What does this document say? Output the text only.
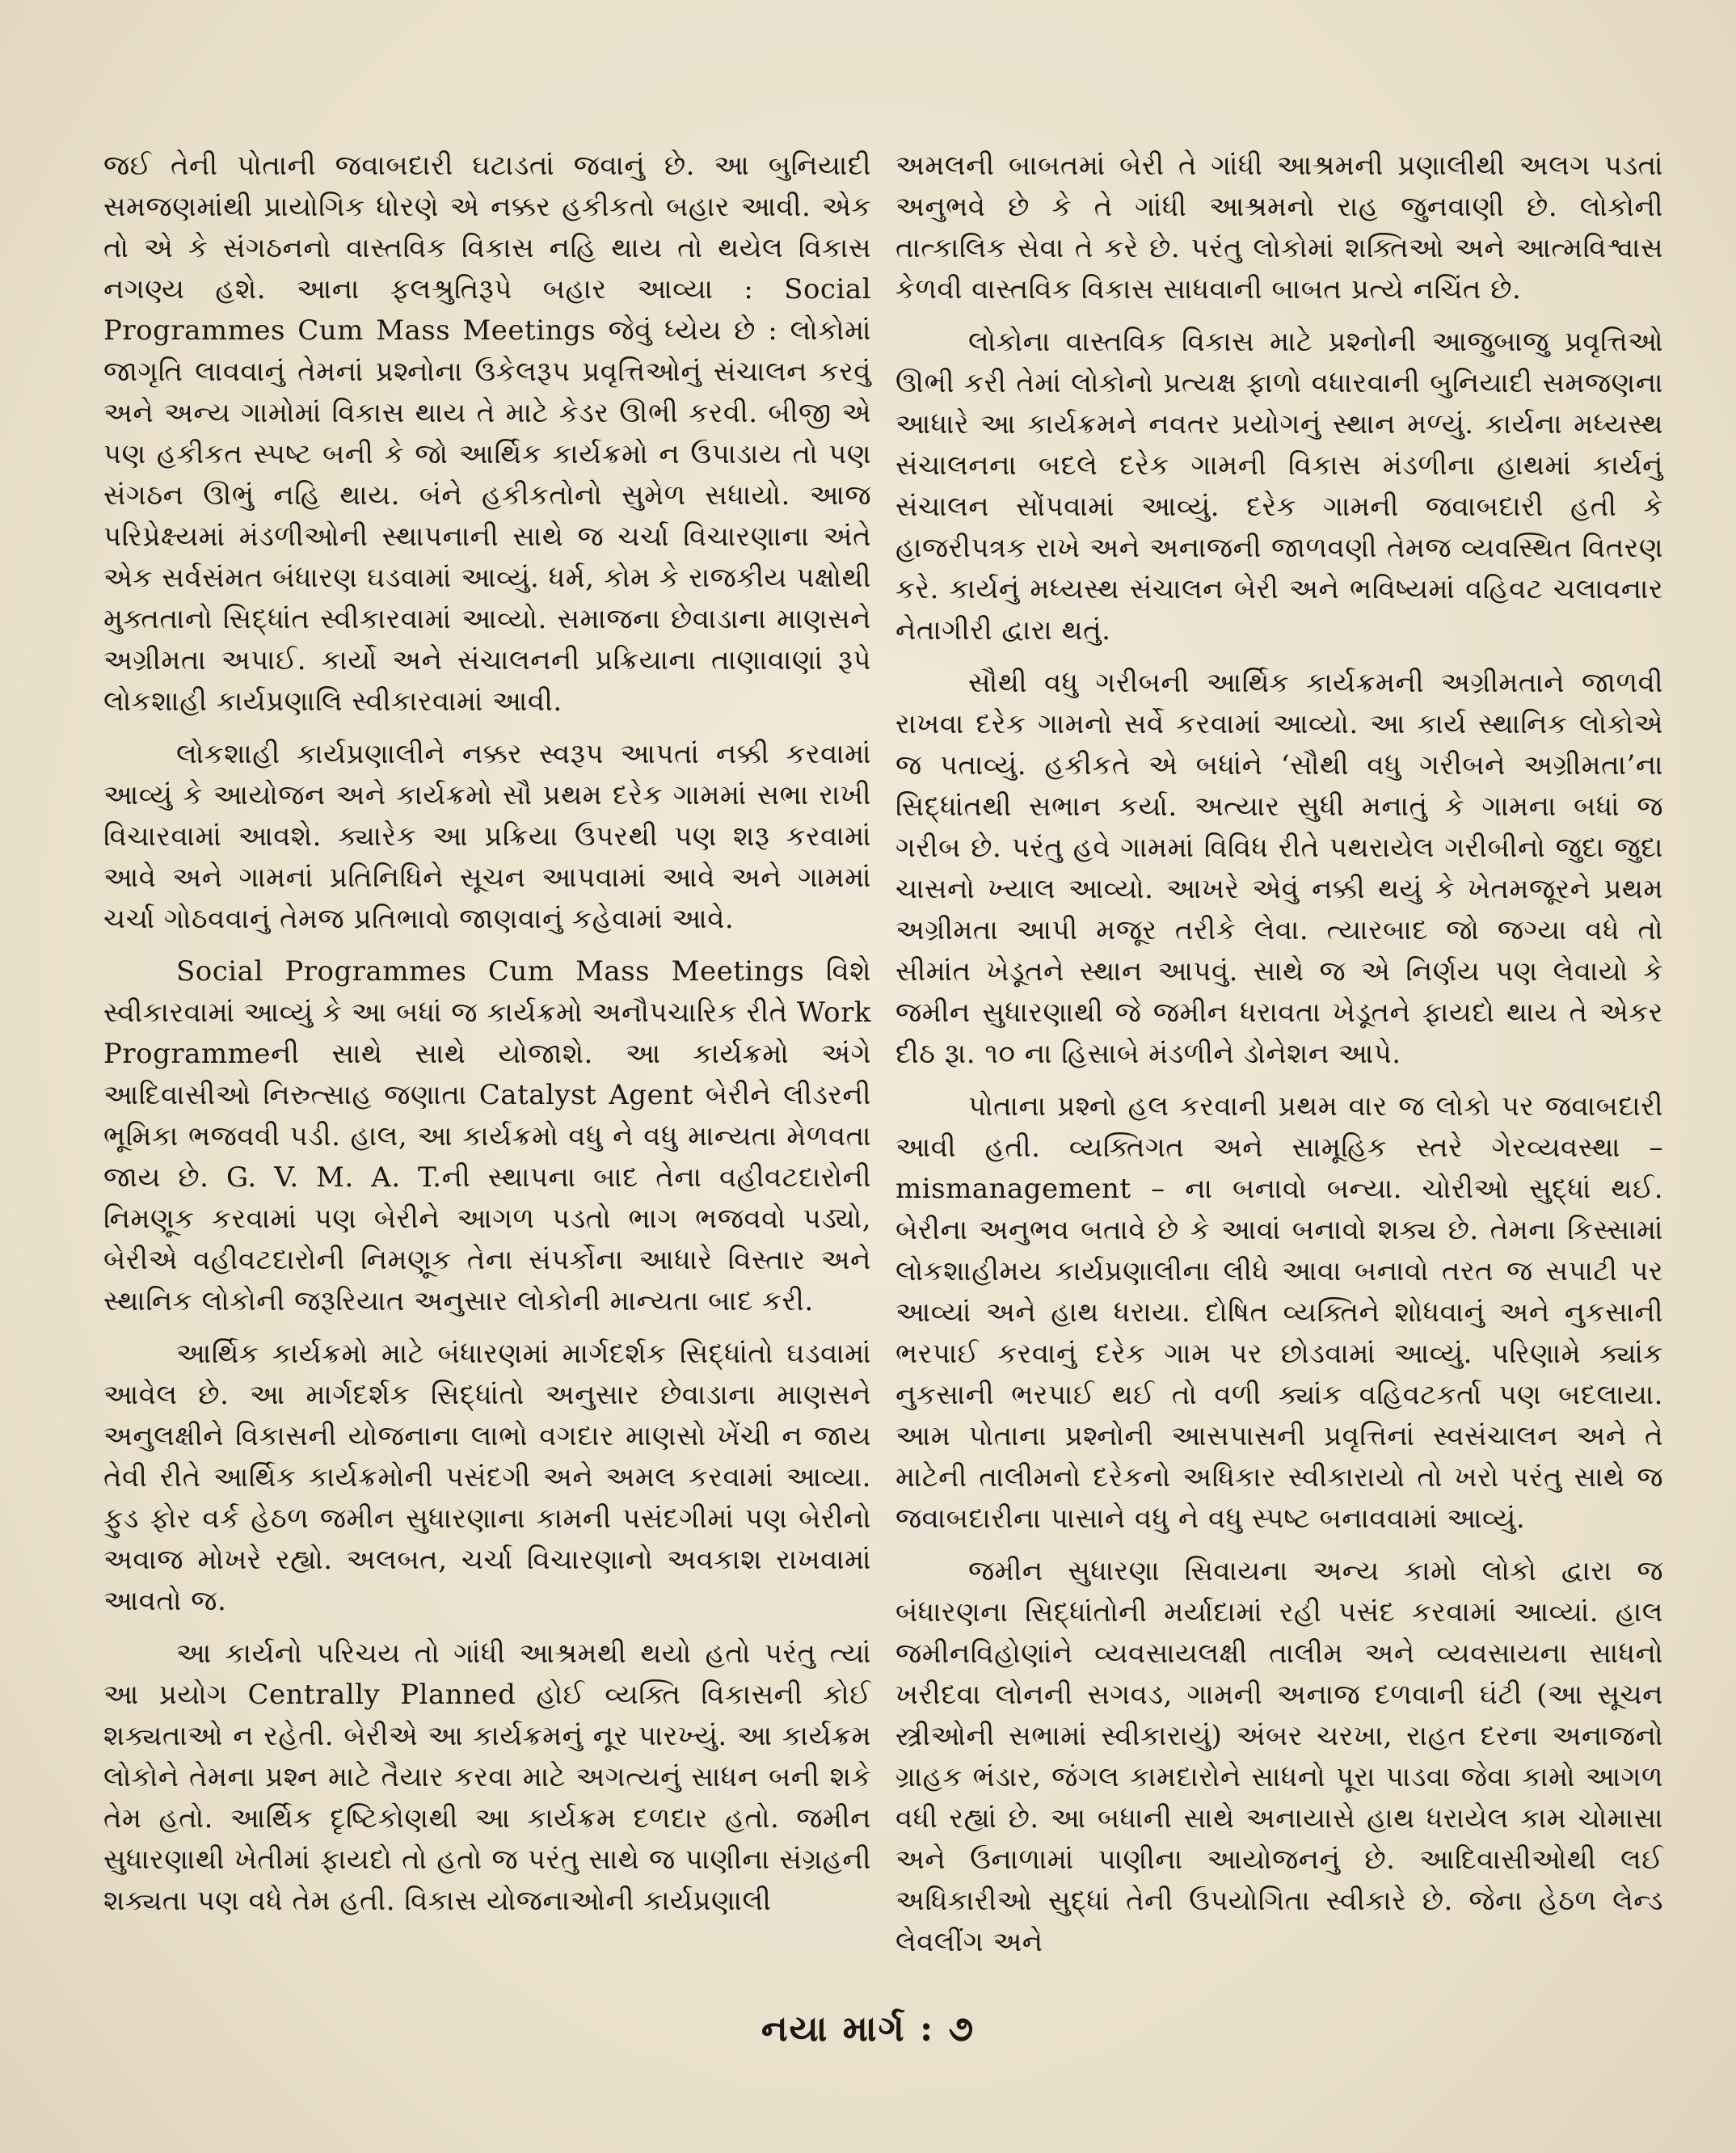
જઈ તેની પોતાની જવાબદારી ઘટાડતાં જવાનું છે. આ બુનિયાદી સમજણમાંથી પ્રાયોગિક ધોરણે એ નક્કર હકીકતો બહાર આવી. એક તો એ કે સંગઠનનો વાસ્તવિક વિકાસ નહિ થાય તો થયેલ વિકાસ નગણ્ય હશે. આના ફલશ્રુતિરૂપે બહાર આવ્યા : Social Programmes Cum Mass Meetings જેવું ધ્યેય છે : લોકોમાં જાગૃતિ લાવવાનું તેમનાં પ્રશ્નોના ઉકેલરૂપ પ્રવૃત્તિઓનું સંચાલન કરવું અને અન્ય ગામોમાં વિકાસ થાય તે માટે કેડર ઊભી કરવી. બીજી એ પણ હકીકત સ્પષ્ટ બની કે જો આર્થિક કાર્યક્રમો ન ઉપાડાય તો પણ સંગઠન ઊભું નહિ થાય. બંને હકીકતોનો સુમેળ સધાયો. આજ પરિપ્રેક્ષ્યમાં મંડળીઓની સ્થાપનાની સાથે જ ચર્ચા વિચારણાના અંતે એક સર્વસંમત બંધારણ ઘડવામાં આવ્યું. ધર્મ, કોમ કે રાજકીય પક્ષોથી મુક્તતાનો સિદ્ધાંત સ્વીકારવામાં આવ્યો. સમાજના છેવાડાના માણસને અગ્રીમતા અપાઈ. કાર્યો અને સંચાલનની પ્રક્રિયાના તાણાવાણાં રૂપે લોકશાહી કાર્યપ્રણાલિ સ્વીકારવામાં આવી.

લોકશાહી કાર્યપ્રણાલીને નક્કર સ્વરૂપ આપતાં નક્કી કરવામાં આવ્યું કે આયોજન અને કાર્યક્રમો સૌ પ્રથમ દરેક ગામમાં સભા રાખી વિચારવામાં આવશે. ક્યારેક આ પ્રક્રિયા ઉપરથી પણ શરૂ કરવામાં આવે અને ગામનાં પ્રતિનિધિને સૂચન આપવામાં આવે અને ગામમાં ચર્ચા ગોઠવવાનું તેમજ પ્રતિભાવો જાણવાનું કહેવામાં આવે.

Social Programmes Cum Mass Meetings વિશે સ્વીકારવામાં આવ્યું કે આ બધાં જ કાર્યક્રમો અનૌપચારિક રીતે Work Programmeની સાથે સાથે યોજાશે. આ કાર્યક્રમો અંગે આદિવાસીઓ નિરુત્સાહ જણાતા Catalyst Agent બેરીને લીડરની ભૂમિકા ભજવવી પડી. હાલ, આ કાર્યક્રમો વધુ ને વધુ માન્યતા મેળવતા જાય છે. G. V. M. A. T.ની સ્થાપના બાદ તેના વહીવટદારોની નિમણૂક કરવામાં પણ બેરીને આગળ પડતો ભાગ ભજવવો પડ્યો, બેરીએ વહીવટદારોની નિમણૂક તેના સંપર્કોના આધારે વિસ્તાર અને સ્થાનિક લોકોની જરૂરિયાત અનુસાર લોકોની માન્યતા બાદ કરી.

આર્થિક કાર્યક્રમો માટે બંધારણમાં માર્ગદર્શક સિદ્ધાંતો ઘડવામાં આવેલ છે. આ માર્ગદર્શક સિદ્ધાંતો અનુસાર છેવાડાના માણસને અનુલક્ષીને વિકાસની યોજનાના લાભો વગદાર માણસો ખેંચી ન જાય તેવી રીતે આર્થિક કાર્યક્રમોની પસંદગી અને અમલ કરવામાં આવ્યા. ફુડ ફોર વર્ક હેઠળ જમીન સુધારણાના કામની પસંદગીમાં પણ બેરીનો અવાજ મોખરે રહ્યો. અલબત, ચર્ચા વિચારણાનો અવકાશ રાખવામાં આવતો જ.

આ કાર્યનો પરિચય તો ગાંધી આશ્રમથી થયો હતો પરંતુ ત્યાં આ પ્રયોગ Centrally Planned હોઈ વ્યક્તિ વિકાસની કોઈ શક્યતાઓ ન રહેતી. બેરીએ આ કાર્યક્રમનું નૂર પારખ્યું. આ કાર્યક્રમ લોકોને તેમના પ્રશ્ન માટે તૈયાર કરવા માટે અગત્યનું સાધન બની શકે તેમ હતો. આર્થિક દૃષ્ટિકોણથી આ કાર્યક્રમ દળદાર હતો. જમીન સુધારણાથી ખેતીમાં ફાયદો તો હતો જ પરંતુ સાથે જ પાણીના સંગ્રહની શક્યતા પણ વધે તેમ હતી. વિકાસ યોજનાઓની કાર્યપ્રણાલી

અમલની બાબતમાં બેરી તે ગાંધી આશ્રમની પ્રણાલીથી અલગ પડતાં અનુભવે છે કે તે ગાંધી આશ્રમનો રાહ જુનવાણી છે. લોકોની તાત્કાલિક સેવા તે કરે છે. પરંતુ લોકોમાં શક્તિઓ અને આત્મવિશ્વાસ કેળવી વાસ્તવિક વિકાસ સાધવાની બાબત પ્રત્યે નચિંત છે.

લોકોના વાસ્તવિક વિકાસ માટે પ્રશ્નોની આજુબાજુ પ્રવૃત્તિઓ ઊભી કરી તેમાં લોકોનો પ્રત્યક્ષ ફાળો વધારવાની બુનિયાદી સમજણના આધારે આ કાર્યક્રમને નવતર પ્રયોગનું સ્થાન મળ્યું. કાર્યના મધ્યસ્થ સંચાલનના બદલે દરેક ગામની વિકાસ મંડળીના હાથમાં કાર્યનું સંચાલન સોંપવામાં આવ્યું. દરેક ગામની જવાબદારી હતી કે હાજરીપત્રક રાખે અને અનાજની જાળવણી તેમજ વ્યવસ્થિત વિતરણ કરે. કાર્યનું મધ્યસ્થ સંચાલન બેરી અને ભવિષ્યમાં વહિવટ ચલાવનાર નેતાગીરી દ્વારા થતું.

સૌથી વધુ ગરીબની આર્થિક કાર્યક્રમની અગ્રીમતાને જાળવી રાખવા દરેક ગામનો સર્વે કરવામાં આવ્યો. આ કાર્ય સ્થાનિક લોકોએ જ પતાવ્યું. હકીકતે એ બધાંને ‘સૌથી વધુ ગરીબને અગ્રીમતા’ના સિદ્ધાંતથી સભાન કર્યા. અત્યાર સુધી મનાતું કે ગામના બધાં જ ગરીબ છે. પરંતુ હવે ગામમાં વિવિધ રીતે પથરાયેલ ગરીબીનો જુદા જુદા ચાસનો ખ્યાલ આવ્યો. આખરે એવું નક્કી થયું કે ખેતમજૂરને પ્રથમ અગ્રીમતા આપી મજૂર તરીકે લેવા. ત્યારબાદ જો જગ્યા વધે તો સીમાંત ખેડૂતને સ્થાન આપવું. સાથે જ એ નિર્ણય પણ લેવાયો કે જમીન સુધારણાથી જે જમીન ધરાવતા ખેડૂતને ફાયદો થાય તે એકર દીઠ રૂા. ૧૦ ના હિસાબે મંડળીને ડોનેશન આપે.

પોતાના પ્રશ્નો હલ કરવાની પ્રથમ વાર જ લોકો પર જવાબદારી આવી હતી. વ્યક્તિગત અને સામૂહિક સ્તરે ગેરવ્યવસ્થા – mismanagement – ના બનાવો બન્યા. ચોરીઓ સુદ્ધાં થઈ. બેરીના અનુભવ બતાવે છે કે આવાં બનાવો શક્ય છે. તેમના કિસ્સામાં લોકશાહીમય કાર્યપ્રણાલીના લીધે આવા બનાવો તરત જ સપાટી પર આવ્યાં અને હાથ ધરાયા. દોષિત વ્યક્તિને શોધવાનું અને નુકસાની ભરપાઈ કરવાનું દરેક ગામ પર છોડવામાં આવ્યું. પરિણામે ક્યાંક નુકસાની ભરપાઈ થઈ તો વળી ક્યાંક વહિવટકર્તા પણ બદલાયા. આમ પોતાના પ્રશ્નોની આસપાસની પ્રવૃત્તિનાં સ્વસંચાલન અને તે માટેની તાલીમનો દરેકનો અધિકાર સ્વીકારાયો તો ખરો પરંતુ સાથે જ જવાબદારીના પાસાને વધુ ને વધુ સ્પષ્ટ બનાવવામાં આવ્યું.

જમીન સુધારણા સિવાયના અન્ય કામો લોકો દ્વારા જ બંધારણના સિદ્ધાંતોની મર્યાદામાં રહી પસંદ કરવામાં આવ્યાં. હાલ જમીનવિહોણાંને વ્યવસાયલક્ષી તાલીમ અને વ્યવસાયના સાધનો ખરીદવા લોનની સગવડ, ગામની અનાજ દળવાની ઘંટી (આ સૂચન સ્ત્રીઓની સભામાં સ્વીકારાયું) અંબર ચરખા, રાહત દરના અનાજનો ગ્રાહક ભંડાર, જંગલ કામદારોને સાધનો પૂરા પાડવા જેવા કામો આગળ વધી રહ્યાં છે. આ બધાની સાથે અનાયાસે હાથ ધરાયેલ કામ ચોમાસા અને ઉનાળામાં પાણીના આયોજનનું છે. આદિવાસીઓથી લઈ અધિકારીઓ સુદ્ધાં તેની ઉપયોગિતા સ્વીકારે છે. જેના હેઠળ લેન્ડ લેવલીંગ અને

નયા માર્ગ : ૭
